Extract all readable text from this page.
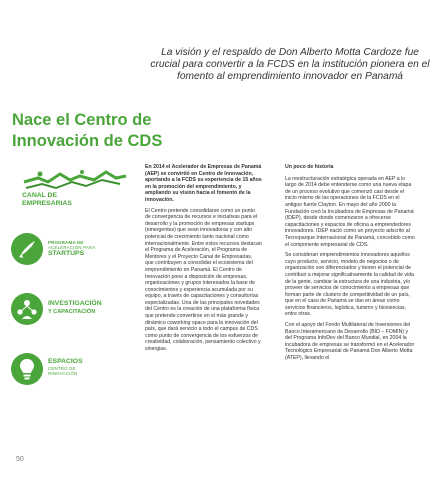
La visión y el respaldo de Don Alberto Motta Cardoze fue crucial para convertir a la FCDS en la institución pionera en el fomento al emprendimiento innovador en Panamá
Nace el Centro de
Innovación de CDS
CANAL DE
EMPRESARIAS
PROGRAMA DE
ACELERACIÓN PARA
STARTUPS
INVESTIGACIÓN
Y CAPACITACIÓN
ESPACIOS
CENTRO DE
INNOVACIÓN

En 2014 el Acelerador de Empresas de Panamá (AEP) se convirtió en Centro de Innovación, aportando a la FCDS su experiencia de 15 años en la promoción del emprendimiento, y ampliando su visión hacia el fomento de la innovación.

El Centro pretende consolidarse como un punto de convergencia de recursos e iniciativas para el desarrollo y la promoción de empresas startups (emergentes) que sean innovadoras y con alto potencial de crecimiento tanto nacional como internacionalmente. Entre estos recursos destacan el Programa de Aceleración, el Programa de Mentores y el Proyecto Canal de Empresarias, que contribuyen a consolidar el ecosistema del emprendimiento en Panamá. El Centro de Innovación pone a disposición de empresas, organizaciones y grupos interesados la base de conocimientos y experiencia acumulada por su equipo, a través de capacitaciones y consultorías especializadas. Una de las principales novedades del Centro es la creación de una plataforma física que pretende convertirse en el más grande y dinámico coworking space para la innovación del país, que dará servicio a todo el campus de CDS como punto de convergencia de los esfuerzos de creatividad, colaboración, pensamiento colectivo y sinergias.

Un poco de historia

La reestructuración estratégica operada en AEP a lo largo de 2014 debe entenderse como una nueva etapa de un proceso evolutivo que comenzó casi desde el inicio mismo de las operaciones de la FCDS en el antiguo fuerte Clayton. En mayo del año 2000 la Fundación creó la Incubadora de Empresas de Panamá (IDEP), desde donde comenzaron a ofrecerse capacitaciones y espacios de oficina a emprendedores innovadores. IDEP nació como un proyecto adscrito al Tecnoparque Internacional de Panamá, concebido como el componente empresarial de CDS.

Se consideran emprendimientos innovadores aquellos cuyo producto, servicio, modelo de negocios o de organización son diferenciados y tienen el potencial de contribuir a mejorar significativamente la calidad de vida de la gente, cambiar la estructura de una industria, y/o proveer de servicios de conocimiento a empresas que forman parte de clusters de competitividad de un país, que en el caso de Panamá se dan en áreas como servicios financieros, logística, turismo y bioxiencias, entre otras.

Con el apoyo del Fondo Multilateral de Inversiones del Banco Interamericano de Desarrollo (BID – FOMIN) y del Programa InfoDev del Banco Mundial, en 2004 la incubadora de empresas se transformó en el Acelerador Tecnológico Empresarial de Panamá Don Alberto Motta (ATEP), llevando el

50
